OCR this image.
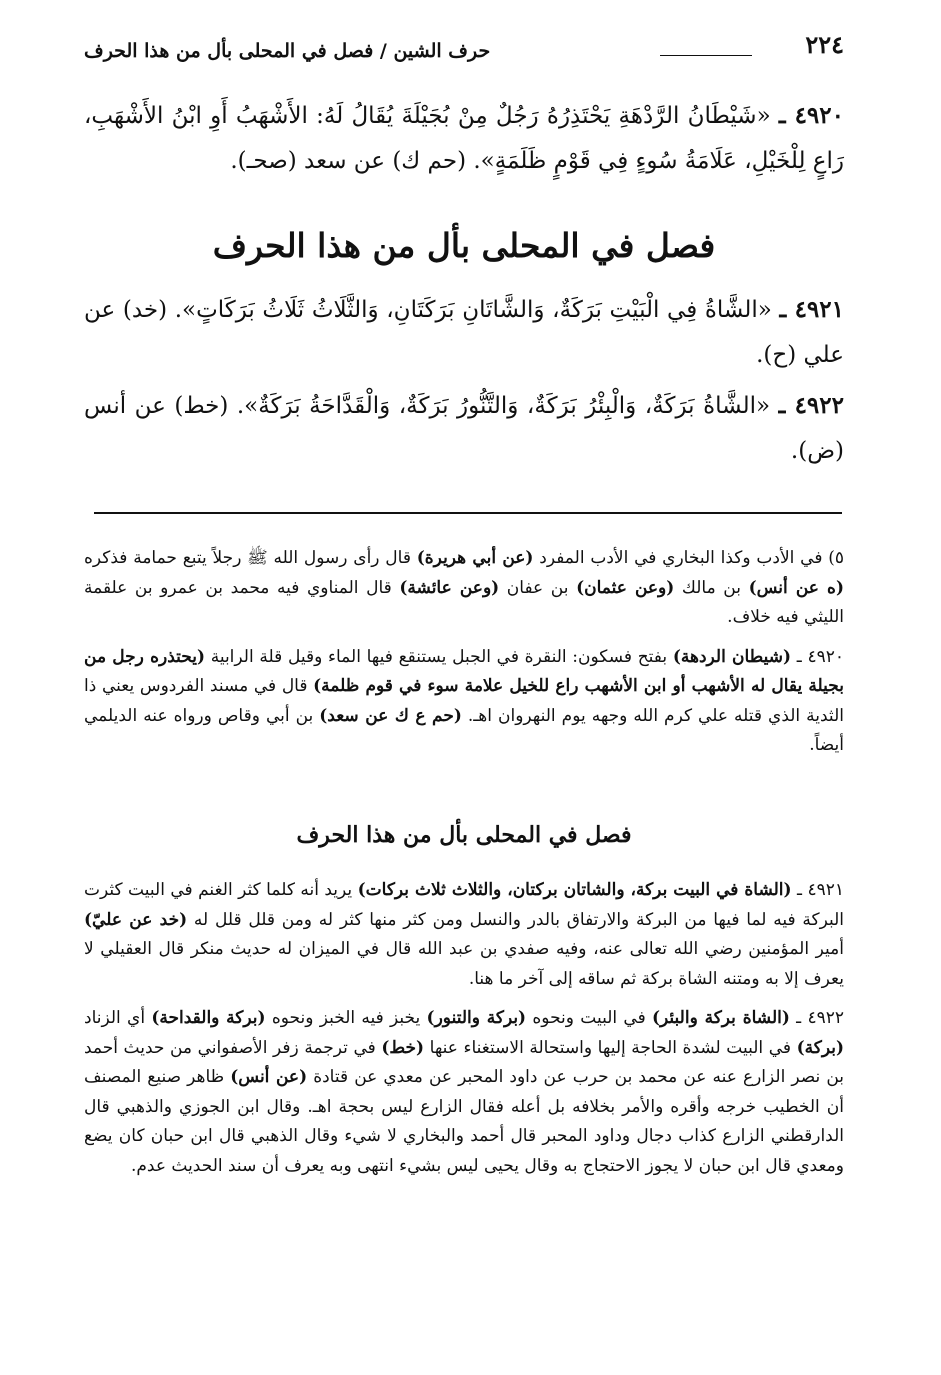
٢٢٤
حرف الشين / فصل في المحلى بأل من هذا الحرف

٤٩٢٠ ـ «شَيْطَانُ الرَّدْهَةِ يَحْتَذِرُهُ رَجُلٌ مِنْ بُجَيْلَةَ يُقَالُ لَهُ: الأَشْهَبُ أَوِ ابْنُ الأَشْهَبِ، رَاعٍ لِلْخَيْلِ، عَلَامَةُ سُوءٍ فِي قَوْمٍ ظَلَمَةٍ». (حم ك) عن سعد (صحـ).

فصل في المحلى بأل من هذا الحرف

٤٩٢١ ـ «الشَّاةُ فِي الْبَيْتِ بَرَكَةٌ، وَالشَّاتَانِ بَرَكَتَانِ، وَالثَّلَاثُ ثَلَاثُ بَرَكَاتٍ». (خد) عن علي (ح).

٤٩٢٢ ـ «الشَّاةُ بَرَكَةٌ، وَالْبِئْرُ بَرَكَةٌ، وَالتَّنُّورُ بَرَكَةٌ، وَالْقَدَّاحَةُ بَرَكَةٌ». (خط) عن أنس (ض).

٥) في الأدب وكذا البخاري في الأدب المفرد (عن أبي هريرة) قال رأى رسول الله ﷺ رجلاً يتبع حمامة فذكره (ه عن أنس) بن مالك (وعن عثمان) بن عفان (وعن عائشة) قال المناوي فيه محمد بن عمرو بن علقمة الليثي فيه خلاف.

٤٩٢٠ ـ (شيطان الردهة) بفتح فسكون: النقرة في الجبل يستنقع فيها الماء وقيل قلة الرابية (يحتذره رجل من بجيلة يقال له الأشهب أو ابن الأشهب راع للخيل علامة سوء في قوم ظلمة) قال في مسند الفردوس يعني ذا الثدية الذي قتله علي كرم الله وجهه يوم النهروان اهـ. (حم ع ك عن سعد) بن أبي وقاص ورواه عنه الديلمي أيضاً.

فصل في المحلى بأل من هذا الحرف

٤٩٢١ ـ (الشاة في البيت بركة، والشاتان بركتان، والثلاث ثلاث بركات) يريد أنه كلما كثر الغنم في البيت كثرت البركة فيه لما فيها من البركة والارتفاق بالدر والنسل ومن كثر منها كثر له ومن قلل قلل له (خد عن عليّ) أمير المؤمنين رضي الله تعالى عنه، وفيه صفدي بن عبد الله قال في الميزان له حديث منكر قال العقيلي لا يعرف إلا به ومتنه الشاة بركة ثم ساقه إلى آخر ما هنا.

٤٩٢٢ ـ (الشاة بركة والبئر) في البيت ونحوه (بركة والتنور) يخبز فيه الخبز ونحوه (بركة والقداحة) أي الزناد (بركة) في البيت لشدة الحاجة إليها واستحالة الاستغناء عنها (خط) في ترجمة زفر الأصفواني من حديث أحمد بن نصر الزارع عنه عن محمد بن حرب عن داود المحبر عن معدي عن قتادة (عن أنس) ظاهر صنيع المصنف أن الخطيب خرجه وأقره والأمر بخلافه بل أعله فقال الزارع ليس بحجة اهـ. وقال ابن الجوزي والذهبي قال الدارقطني الزارع كذاب دجال وداود المحبر قال أحمد والبخاري لا شيء وقال الذهبي قال ابن حبان كان يضع ومعدي قال ابن حبان لا يجوز الاحتجاج به وقال يحيى ليس بشيء انتهى وبه يعرف أن سند الحديث عدم.
